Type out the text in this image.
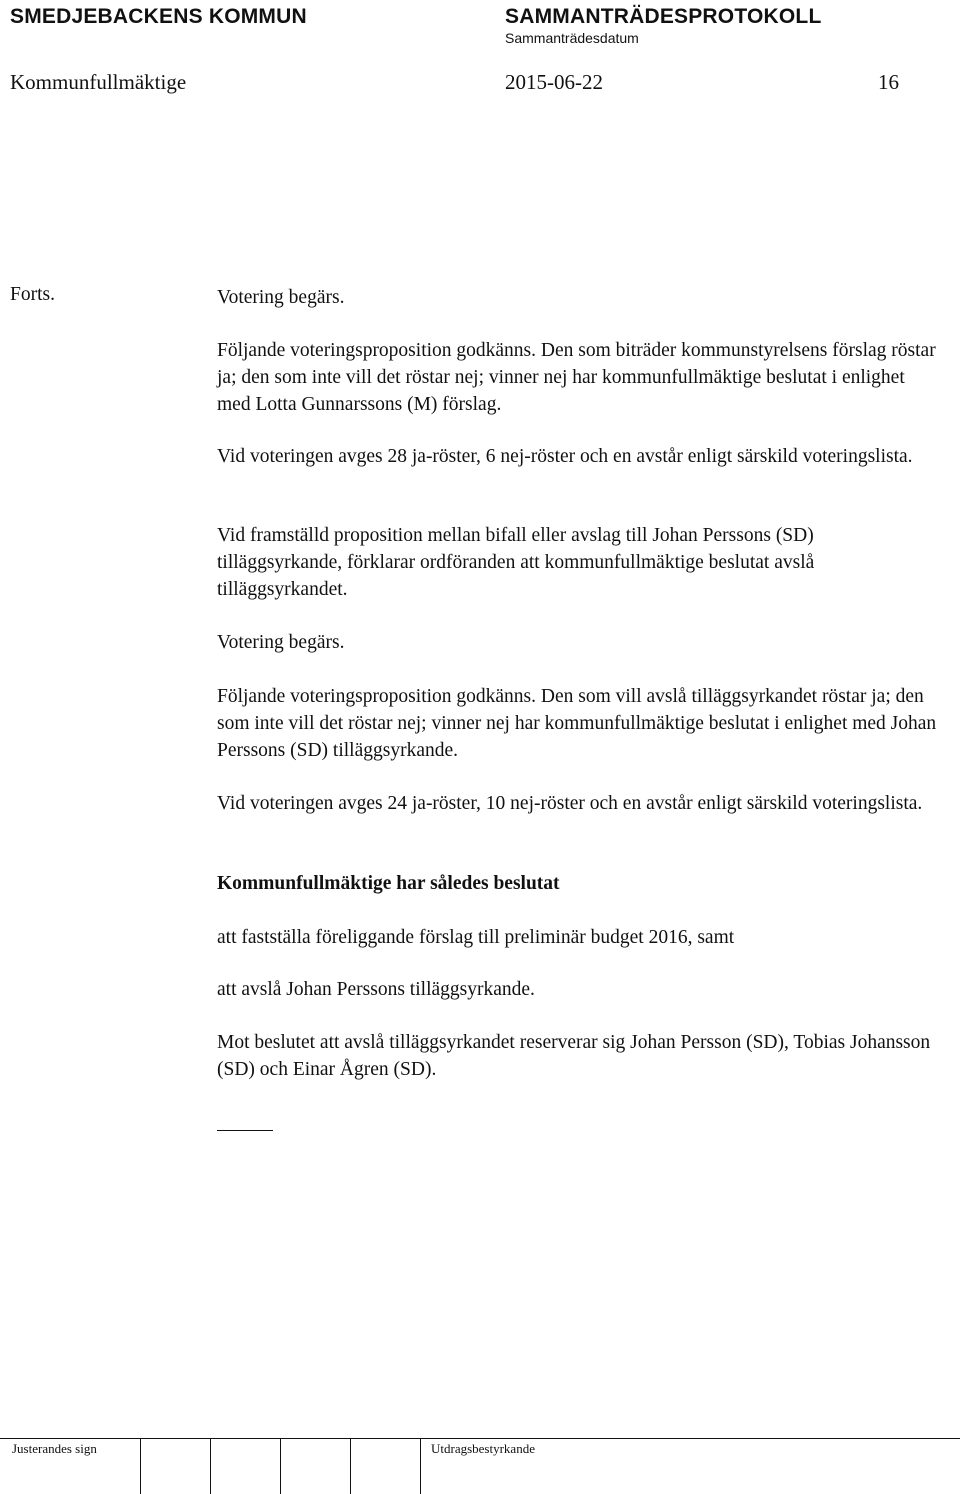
SMEDJEBACKENS KOMMUN	SAMMANTRÄDESPROTOKOLL
Sammanträdesdatum
Kommunfullmäktige	2015-06-22	16
Forts.	Votering begärs.

Följande voteringsproposition godkänns. Den som biträder kommunstyrelsens förslag röstar ja; den som inte vill det röstar nej; vinner nej har kommunfullmäktige beslutat i enlighet med Lotta Gunnarssons (M) förslag.

Vid voteringen avges 28 ja-röster, 6 nej-röster och en avstår enligt särskild voteringslista.

Vid framställd proposition mellan bifall eller avslag till Johan Perssons (SD) tilläggsyrkande, förklarar ordföranden att kommunfullmäktige beslutat avslå tilläggsyrkandet.

Votering begärs.

Följande voteringsproposition godkänns. Den som vill avslå tilläggsyrkandet röstar ja; den som inte vill det röstar nej; vinner nej har kommunfullmäktige beslutat i enlighet med Johan Perssons (SD) tilläggsyrkande.

Vid voteringen avges 24 ja-röster, 10 nej-röster och en avstår enligt särskild voteringslista.

Kommunfullmäktige har således beslutat

att fastställa föreliggande förslag till preliminär budget 2016, samt

att avslå Johan Perssons tilläggsyrkande.

Mot beslutet att avslå tilläggsyrkandet reserverar sig Johan Persson (SD), Tobias Johansson (SD) och Einar Ågren (SD).

Justerandes sign	Utdragsbestyrkande
